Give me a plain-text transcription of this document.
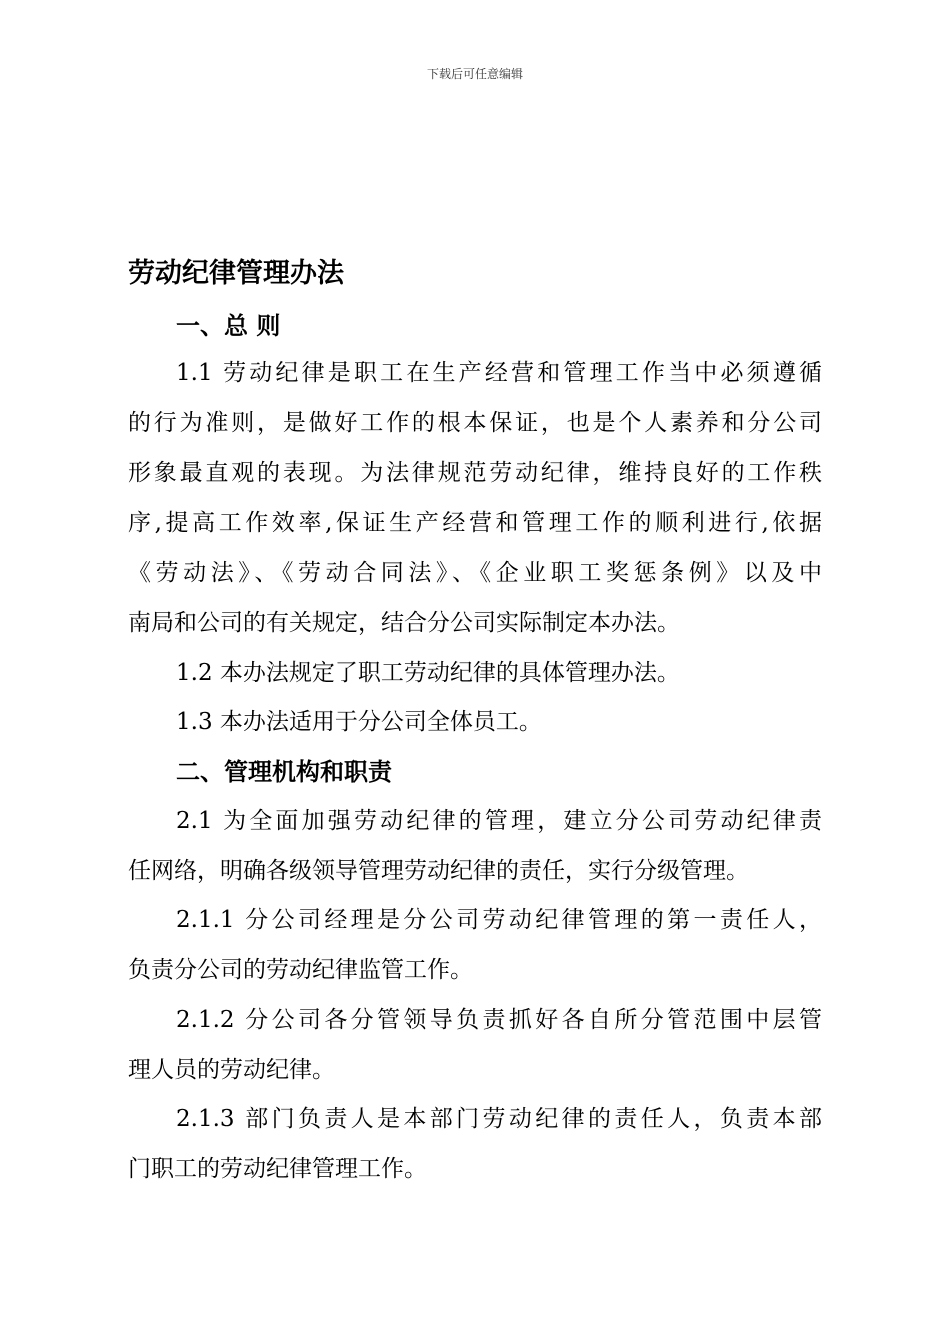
下载后可任意编辑
劳动纪律管理办法
一、总 则
1.1 劳动纪律是职工在生产经营和管理工作当中必须遵循
的行为准则，是做好工作的根本保证，也是个人素养和分公司
形象最直观的表现。为法律规范劳动纪律，维持良好的工作秩
序,提高工作效率,保证生产经营和管理工作的顺利进行,依据
《劳动法》、《劳动合同法》、《企业职工奖惩条例》以及中
南局和公司的有关规定，结合分公司实际制定本办法。
1.2 本办法规定了职工劳动纪律的具体管理办法。
1.3 本办法适用于分公司全体员工。
二、管理机构和职责
2.1 为全面加强劳动纪律的管理，建立分公司劳动纪律责
任网络，明确各级领导管理劳动纪律的责任，实行分级管理。
2.1.1 分公司经理是分公司劳动纪律管理的第一责任人，
负责分公司的劳动纪律监管工作。
2.1.2 分公司各分管领导负责抓好各自所分管范围中层管
理人员的劳动纪律。
2.1.3 部门负责人是本部门劳动纪律的责任人，负责本部
门职工的劳动纪律管理工作。
